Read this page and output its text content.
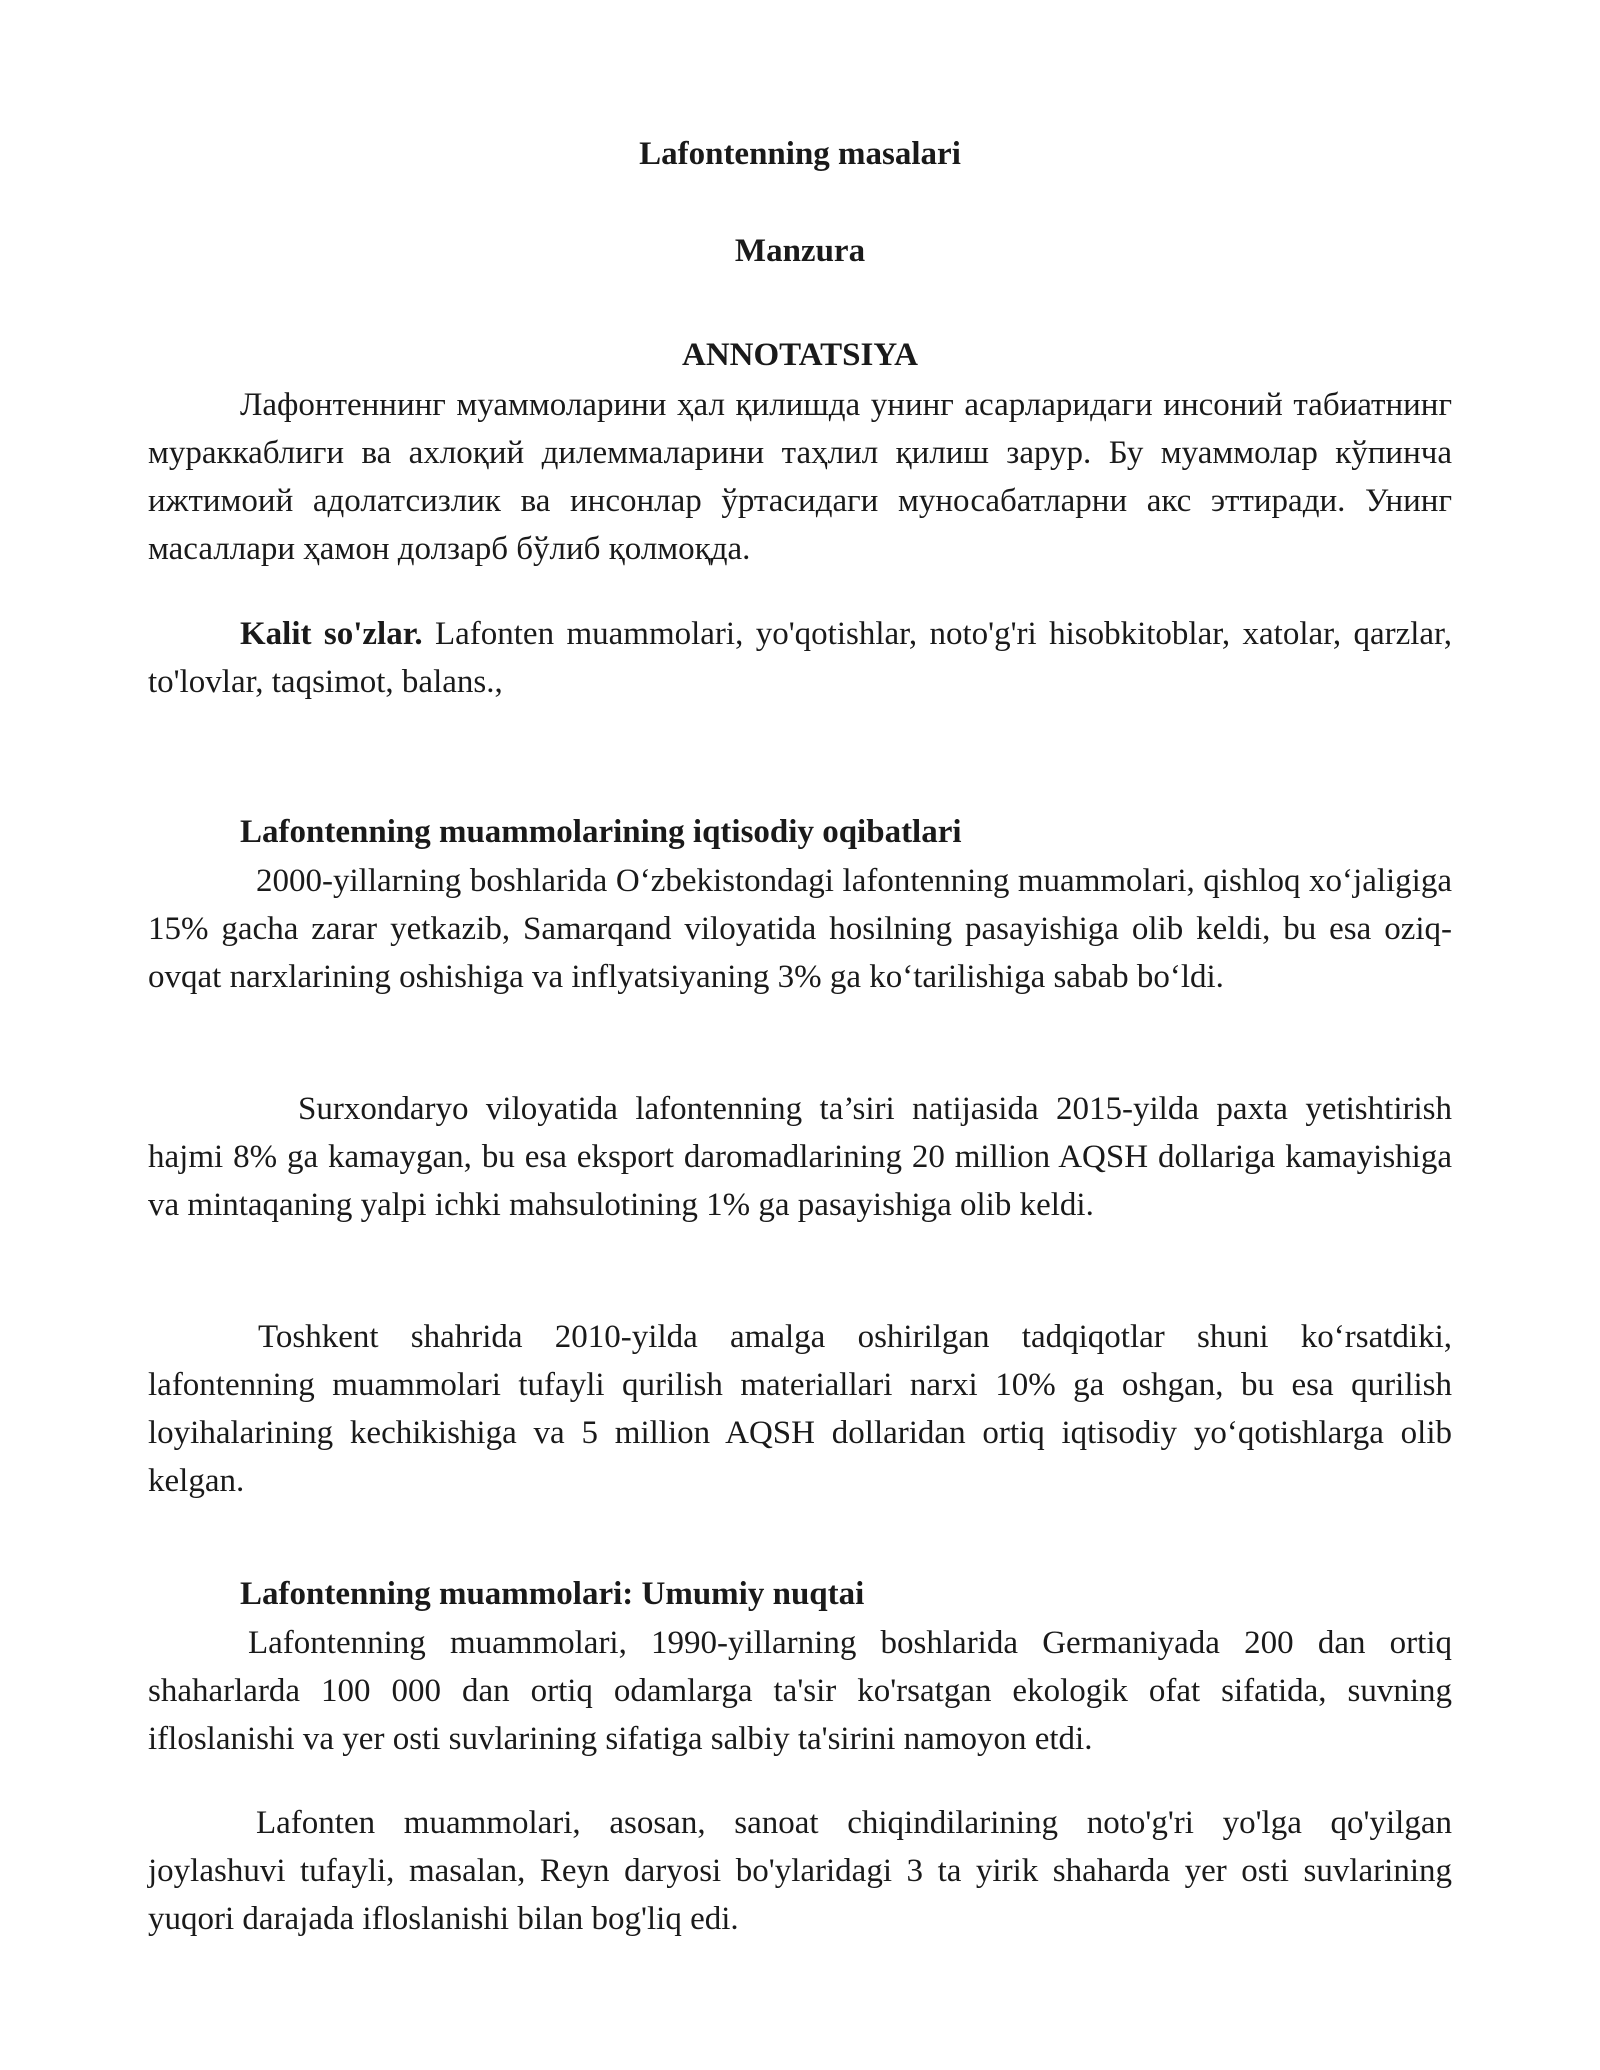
Lafontenning masalari
Manzura
ANNOTATSIYA

Лафонтеннинг муаммоларини ҳал қилишда унинг асарларидаги инсоний табиатнинг мураккаблиги ва ахлоқий дилеммаларини таҳлил қилиш зарур. Бу муаммолар кўпинча ижтимоий адолатсизлик ва инсонлар ўртасидаги муносабатларни акс эттиради. Унинг масаллари ҳамон долзарб бўлиб қолмоқда.

Kalit so'zlar. Lafonten muammolari, yo'qotishlar, noto'g'ri hisobkitoblar, xatolar, qarzlar, to'lovlar, taqsimot, balans.,

Lafontenning muammolarining iqtisodiy oqibatlari

2000-yillarning boshlarida O‘zbekistondagi lafontenning muammolari, qishloq xo‘jaligiga 15% gacha zarar yetkazib, Samarqand viloyatida hosilning pasayishiga olib keldi, bu esa oziq-ovqat narxlarining oshishiga va inflyatsiyaning 3% ga ko‘tarilishiga sabab bo‘ldi.

Surxondaryo viloyatida lafontenning ta’siri natijasida 2015-yilda paxta yetishtirish hajmi 8% ga kamaygan, bu esa eksport daromadlarining 20 million AQSH dollariga kamayishiga va mintaqaning yalpi ichki mahsulotining 1% ga pasayishiga olib keldi.

Toshkent shahrida 2010-yilda amalga oshirilgan tadqiqotlar shuni ko‘rsatdiki, lafontenning muammolari tufayli qurilish materiallari narxi 10% ga oshgan, bu esa qurilish loyihalarining kechikishiga va 5 million AQSH dollaridan ortiq iqtisodiy yo‘qotishlarga olib kelgan.

Lafontenning muammolari: Umumiy nuqtai

Lafontenning muammolari, 1990-yillarning boshlarida Germaniyada 200 dan ortiq shaharlarda 100 000 dan ortiq odamlarga ta'sir ko'rsatgan ekologik ofat sifatida, suvning ifloslanishi va yer osti suvlarining sifatiga salbiy ta'sirini namoyon etdi.

Lafonten muammolari, asosan, sanoat chiqindilarining noto'g'ri yo'lga qo'yilgan joylashuvi tufayli, masalan, Reyn daryosi bo'ylaridagi 3 ta yirik shaharda yer osti suvlarining yuqori darajada ifloslanishi bilan bog'liq edi.
